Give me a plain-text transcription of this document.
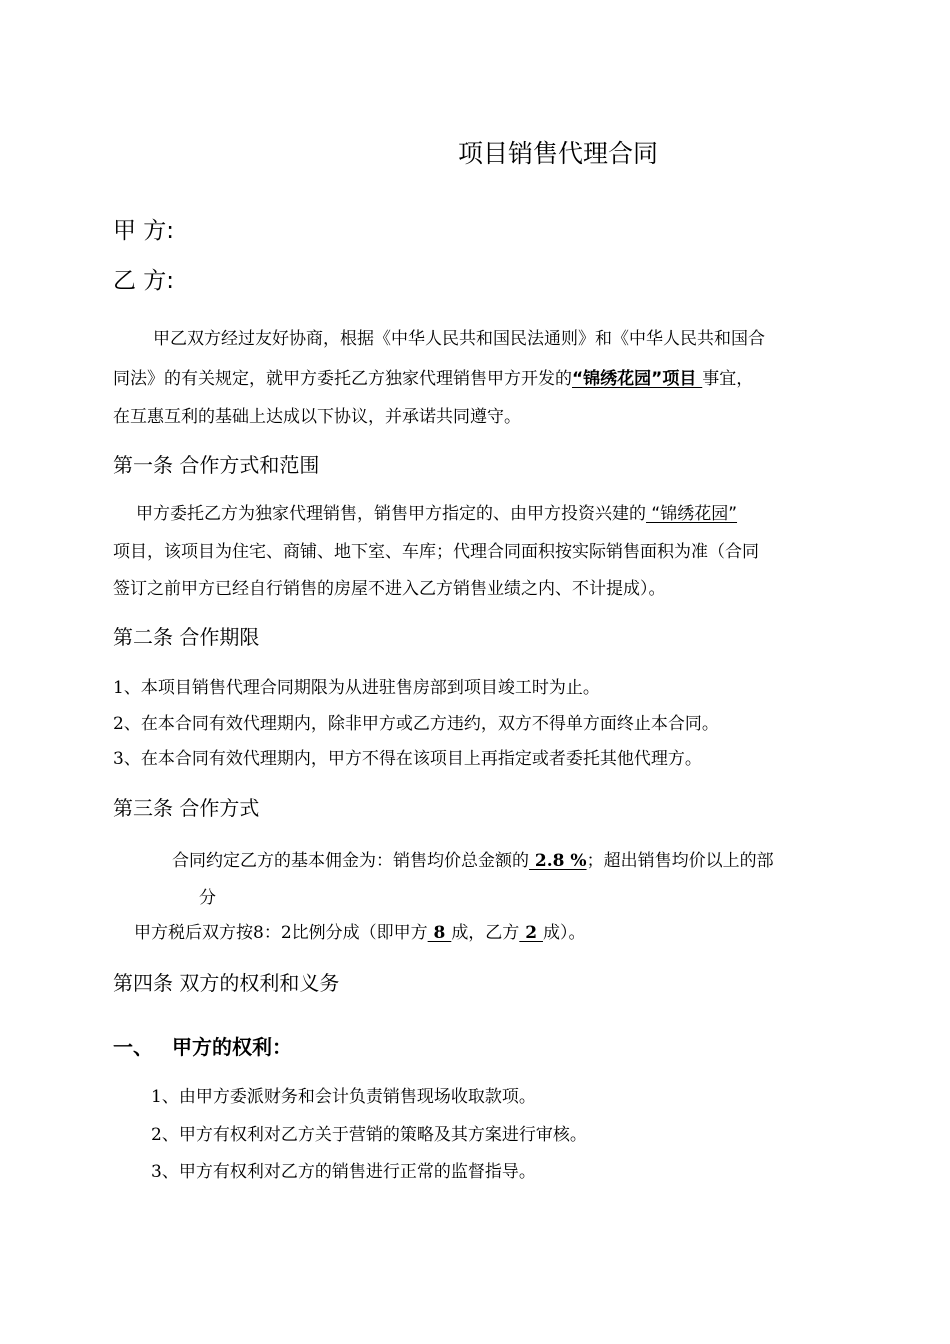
项目销售代理合同
甲 方:
乙 方:
甲乙双方经过友好协商，根据《中华人民共和国民法通则》和《中华人民共和国合
同法》的有关规定，就甲方委托乙方独家代理销售甲方开发的“锦绣花园”项目 事宜，
在互惠互利的基础上达成以下协议，并承诺共同遵守。
第一条 合作方式和范围
甲方委托乙方为独家代理销售，销售甲方指定的、由甲方投资兴建的 “锦绣花园”
项目，该项目为住宅、商铺、地下室、车库；代理合同面积按实际销售面积为准（合同
签订之前甲方已经自行销售的房屋不进入乙方销售业绩之内、不计提成）。
第二条 合作期限
1、本项目销售代理合同期限为从进驻售房部到项目竣工时为止。
2、在本合同有效代理期内，除非甲方或乙方违约，双方不得单方面终止本合同。
3、在本合同有效代理期内，甲方不得在该项目上再指定或者委托其他代理方。
第三条 合作方式
合同约定乙方的基本佣金为：销售均价总金额的 2.8 %；超出销售均价以上的部
分
甲方税后双方按8：2比例分成（即甲方 8 成，乙方 2 成）。
第四条 双方的权利和义务
一、 甲方的权利：
1、由甲方委派财务和会计负责销售现场收取款项。
2、甲方有权利对乙方关于营销的策略及其方案进行审核。
3、甲方有权利对乙方的销售进行正常的监督指导。
